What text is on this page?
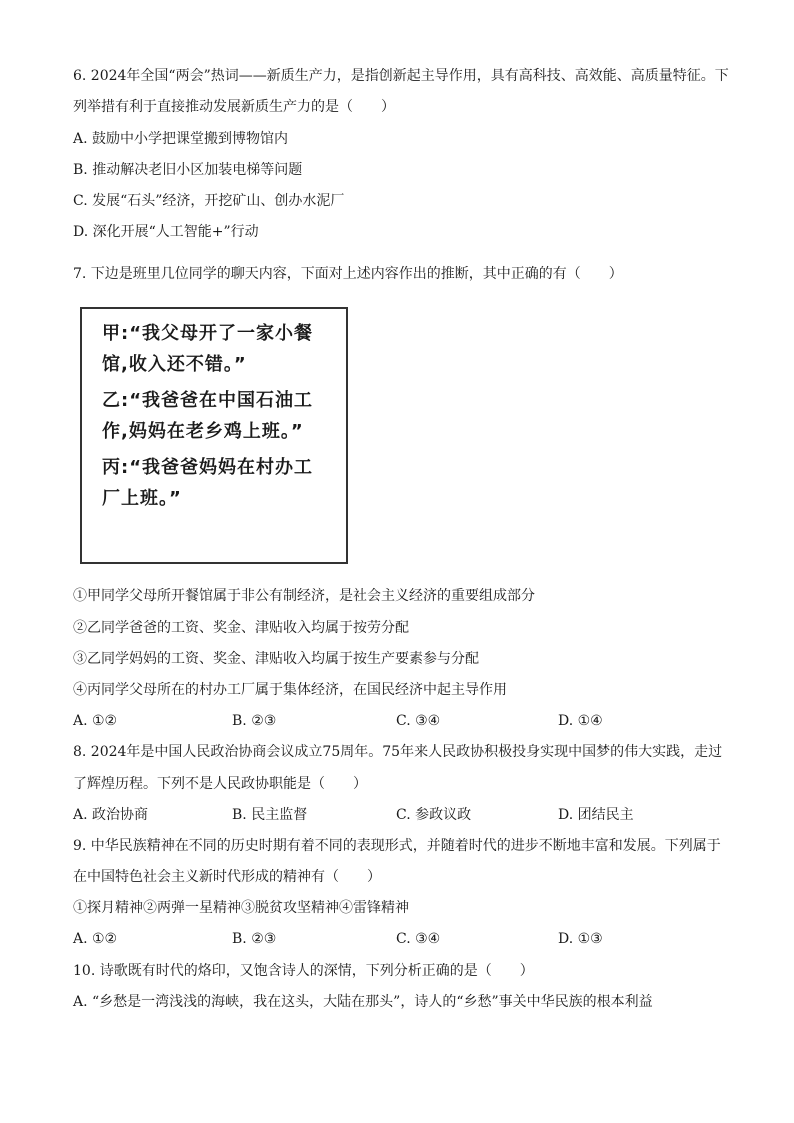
6. 2024年全国“两会”热词——新质生产力，是指创新起主导作用，具有高科技、高效能、高质量特征。下
列举措有利于直接推动发展新质生产力的是（　　）
A. 鼓励中小学把课堂搬到博物馆内
B. 推动解决老旧小区加装电梯等问题
C. 发展“石头”经济，开挖矿山、创办水泥厂
D. 深化开展“人工智能+”行动
7. 下边是班里几位同学的聊天内容，下面对上述内容作出的推断，其中正确的有（　　）
甲:“我父母开了一家小餐
馆,收入还不错。”
乙:“我爸爸在中国石油工
作,妈妈在老乡鸡上班。”
丙:“我爸爸妈妈在村办工
厂上班。”
①甲同学父母所开餐馆属于非公有制经济，是社会主义经济的重要组成部分
②乙同学爸爸的工资、奖金、津贴收入均属于按劳分配
③乙同学妈妈的工资、奖金、津贴收入均属于按生产要素参与分配
④丙同学父母所在的村办工厂属于集体经济，在国民经济中起主导作用
A. ①②	B. ②③	C. ③④	D. ①④
8. 2024年是中国人民政治协商会议成立75周年。75年来人民政协积极投身实现中国梦的伟大实践，走过
了辉煌历程。下列不是人民政协职能是（　　）
A. 政治协商	B. 民主监督	C. 参政议政	D. 团结民主
9. 中华民族精神在不同的历史时期有着不同的表现形式，并随着时代的进步不断地丰富和发展。下列属于
在中国特色社会主义新时代形成的精神有（　　）
①探月精神②两弹一星精神③脱贫攻坚精神④雷锋精神
A. ①②	B. ②③	C. ③④	D. ①③
10. 诗歌既有时代的烙印，又饱含诗人的深情，下列分析正确的是（　　）
A. “乡愁是一湾浅浅的海峡，我在这头，大陆在那头”，诗人的“乡愁”事关中华民族的根本利益
